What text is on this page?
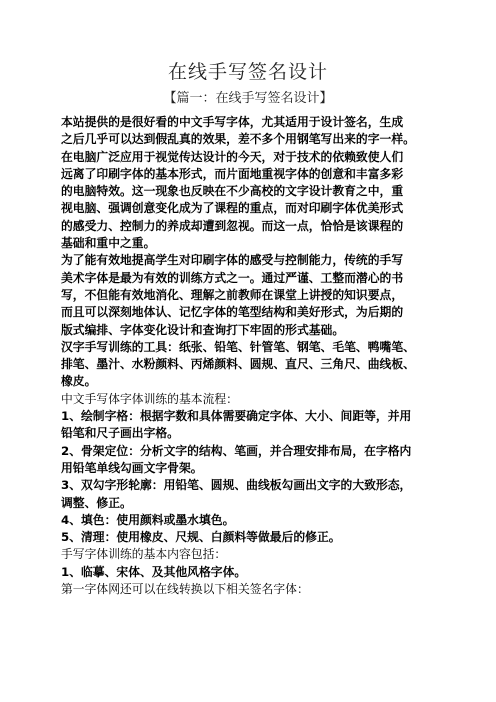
在线手写签名设计
【篇一：在线手写签名设计】
本站提供的是很好看的中文手写字体，尤其适用于设计签名，生成
之后几乎可以达到假乱真的效果，差不多个用钢笔写出来的字一样。
在电脑广泛应用于视觉传达设计的今天，对于技术的依赖致使人们
远离了印刷字体的基本形式，而片面地重视字体的创意和丰富多彩
的电脑特效。这一现象也反映在不少高校的文字设计教育之中，重
视电脑、强调创意变化成为了课程的重点，而对印刷字体优美形式
的感受力、控制力的养成却遭到忽视。而这一点，恰恰是该课程的
基础和重中之重。
为了能有效地提高学生对印刷字体的感受与控制能力，传统的手写
美术字体是最为有效的训练方式之一。通过严谨、工整而潜心的书
写，不但能有效地消化、理解之前教师在课堂上讲授的知识要点，
而且可以深刻地体认、记忆字体的笔型结构和美好形式，为后期的
版式编排、字体变化设计和查询打下牢固的形式基础。
汉字手写训练的工具：纸张、铅笔、针管笔、钢笔、毛笔、鸭嘴笔、
排笔、墨汁、水粉颜料、丙烯颜料、圆规、直尺、三角尺、曲线板、
橡皮。
中文手写体字体训练的基本流程：
1、绘制字格：根据字数和具体需要确定字体、大小、间距等，并用
铅笔和尺子画出字格。
2、骨架定位：分析文字的结构、笔画，并合理安排布局，在字格内
用铅笔单线勾画文字骨架。
3、双勾字形轮廓：用铅笔、圆规、曲线板勾画出文字的大致形态，
调整、修正。
4、填色：使用颜料或墨水填色。
5、清理：使用橡皮、尺规、白颜料等做最后的修正。
手写字体训练的基本内容包括：
1、临摹、宋体、及其他风格字体。
第一字体网还可以在线转换以下相关签名字体：
